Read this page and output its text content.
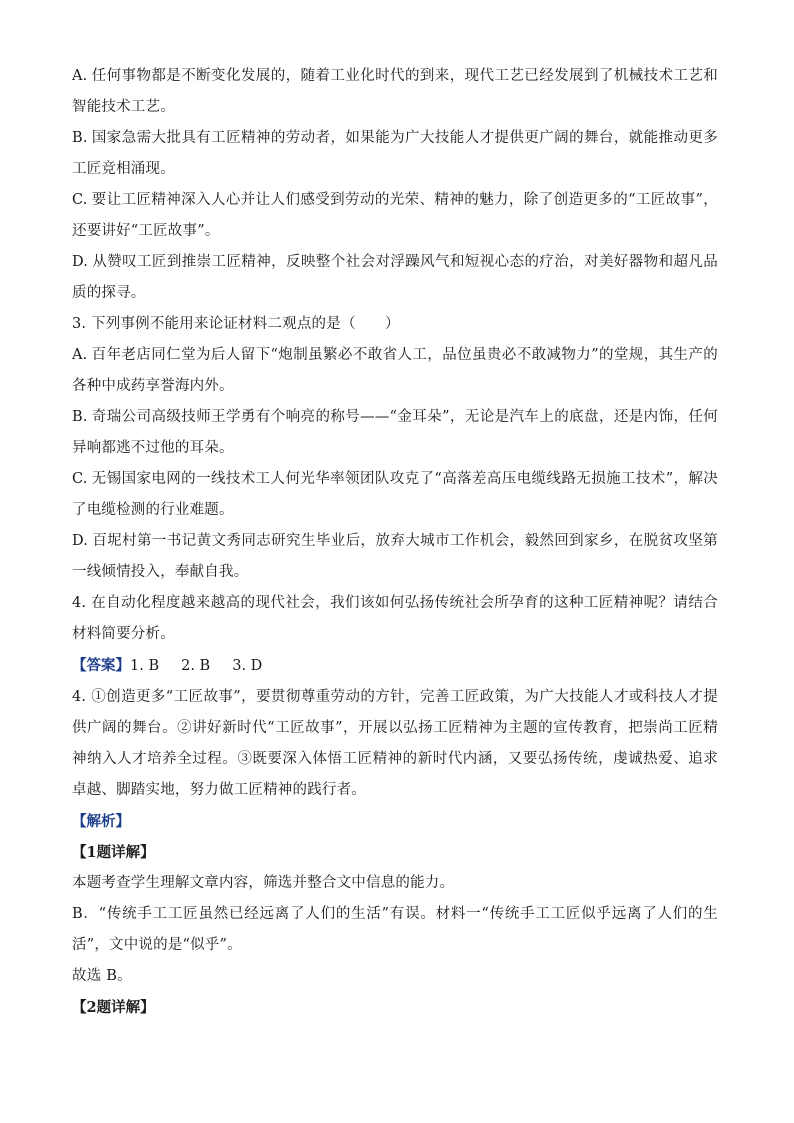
A. 任何事物都是不断变化发展的，随着工业化时代的到来，现代工艺已经发展到了机械技术工艺和智能技术工艺。

B. 国家急需大批具有工匠精神的劳动者，如果能为广大技能人才提供更广阔的舞台，就能推动更多工匠竞相涌现。

C. 要让工匠精神深入人心并让人们感受到劳动的光荣、精神的魅力，除了创造更多的“工匠故事”，还要讲好“工匠故事”。

D. 从赞叹工匠到推崇工匠精神，反映整个社会对浮躁风气和短视心态的疗治，对美好器物和超凡品质的探寻。

3. 下列事例不能用来论证材料二观点的是（　　）

A. 百年老店同仁堂为后人留下“炮制虽繁必不敢省人工，品位虽贵必不敢减物力”的堂规，其生产的各种中成药享誉海内外。

B. 奇瑞公司高级技师王学勇有个响亮的称号——“金耳朵”，无论是汽车上的底盘，还是内饰，任何异响都逃不过他的耳朵。

C. 无锡国家电网的一线技术工人何光华率领团队攻克了“高落差高压电缆线路无损施工技术”，解决了电缆检测的行业难题。

D. 百坭村第一书记黄文秀同志研究生毕业后，放弃大城市工作机会，毅然回到家乡，在脱贫攻坚第一线倾情投入，奉献自我。

4. 在自动化程度越来越高的现代社会，我们该如何弘扬传统社会所孕育的这种工匠精神呢？请结合材料简要分析。

【答案】1. B 2. B 3. D

4. ①创造更多“工匠故事”，要贯彻尊重劳动的方针，完善工匠政策，为广大技能人才或科技人才提供广阔的舞台。②讲好新时代“工匠故事”，开展以弘扬工匠精神为主题的宣传教育，把崇尚工匠精神纳入人才培养全过程。③既要深入体悟工匠精神的新时代内涵，又要弘扬传统，虔诚热爱、追求卓越、脚踏实地，努力做工匠精神的践行者。

【解析】

【1题详解】

本题考查学生理解文章内容，筛选并整合文中信息的能力。

B．“传统手工工匠虽然已经远离了人们的生活”有误。材料一“传统手工工匠似乎远离了人们的生活”，文中说的是“似乎”。

故选 B。

【2题详解】
